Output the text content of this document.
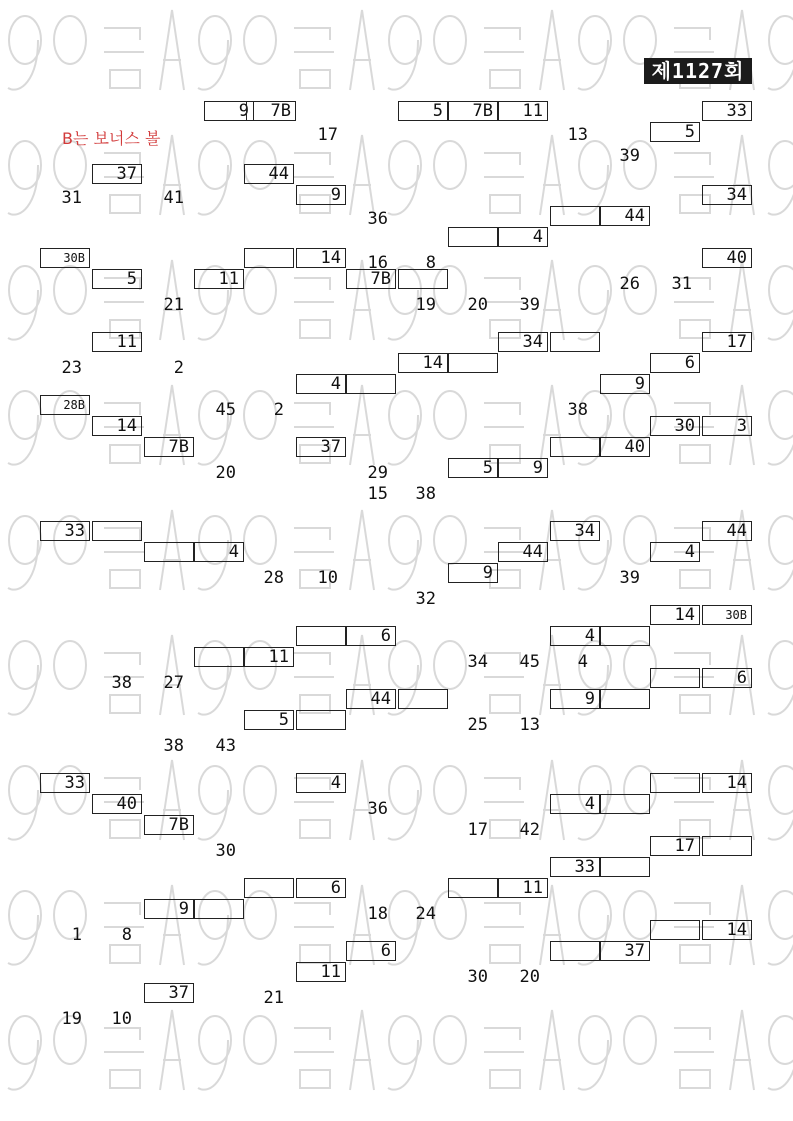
제1127회
B는 보너스 볼
9	7B	5	7B	11	33
5
37	44
9	34
44
4
30B
5	11
14
7B
40
11	34
14
4
17
6
9
28B
14
7B	37
30	3
40
5	9
33
4
34
44
9
44
4
6
11
14	30B
4
44
5
6
9
33
40
7B
4	14
4
17
33
11
6
9
14
37
6
11
37
17	13
39
31	41
36
16	8
26	31
21	19	20	39
23	2
45	2	38
20	29
15	38
28	10	39
32
34	45	4
38	27
25	13
38	43
36
17	42
30
18	24
1	8
30	20
21
19	10
